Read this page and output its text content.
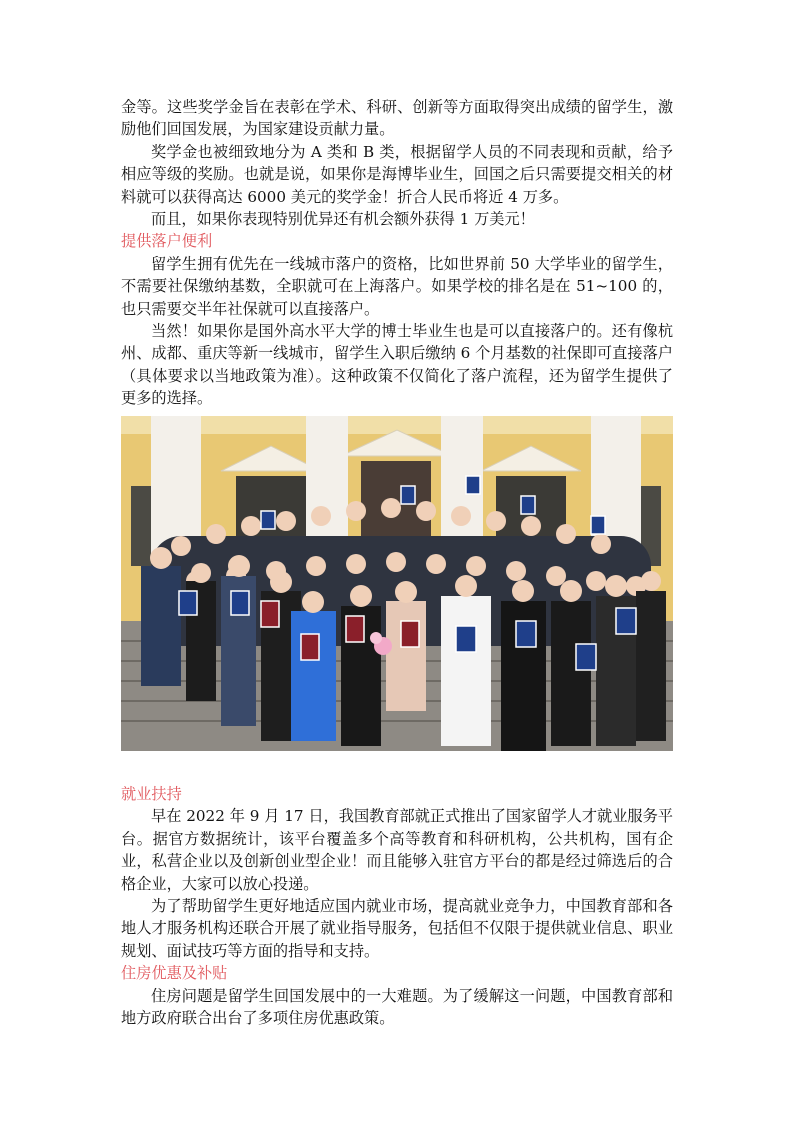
金等。这些奖学金旨在表彰在学术、科研、创新等方面取得突出成绩的留学生，激励他们回国发展，为国家建设贡献力量。

奖学金也被细致地分为 A 类和 B 类，根据留学人员的不同表现和贡献，给予相应等级的奖励。也就是说，如果你是海博毕业生，回国之后只需要提交相关的材料就可以获得高达 6000 美元的奖学金！折合人民币将近 4 万多。

而且，如果你表现特别优异还有机会额外获得 1 万美元！

提供落户便利

留学生拥有优先在一线城市落户的资格，比如世界前 50 大学毕业的留学生，不需要社保缴纳基数，全职就可在上海落户。如果学校的排名是在 51~100 的，也只需要交半年社保就可以直接落户。

当然！如果你是国外高水平大学的博士毕业生也是可以直接落户的。还有像杭州、成都、重庆等新一线城市，留学生入职后缴纳 6 个月基数的社保即可直接落户（具体要求以当地政策为准）。这种政策不仅简化了落户流程，还为留学生提供了更多的选择。

就业扶持

早在 2022 年 9 月 17 日，我国教育部就正式推出了国家留学人才就业服务平台。据官方数据统计，该平台覆盖多个高等教育和科研机构，公共机构，国有企业，私营企业以及创新创业型企业！而且能够入驻官方平台的都是经过筛选后的合格企业，大家可以放心投递。

为了帮助留学生更好地适应国内就业市场，提高就业竞争力，中国教育部和各地人才服务机构还联合开展了就业指导服务，包括但不仅限于提供就业信息、职业规划、面试技巧等方面的指导和支持。

住房优惠及补贴

住房问题是留学生回国发展中的一大难题。为了缓解这一问题，中国教育部和地方政府联合出台了多项住房优惠政策。
